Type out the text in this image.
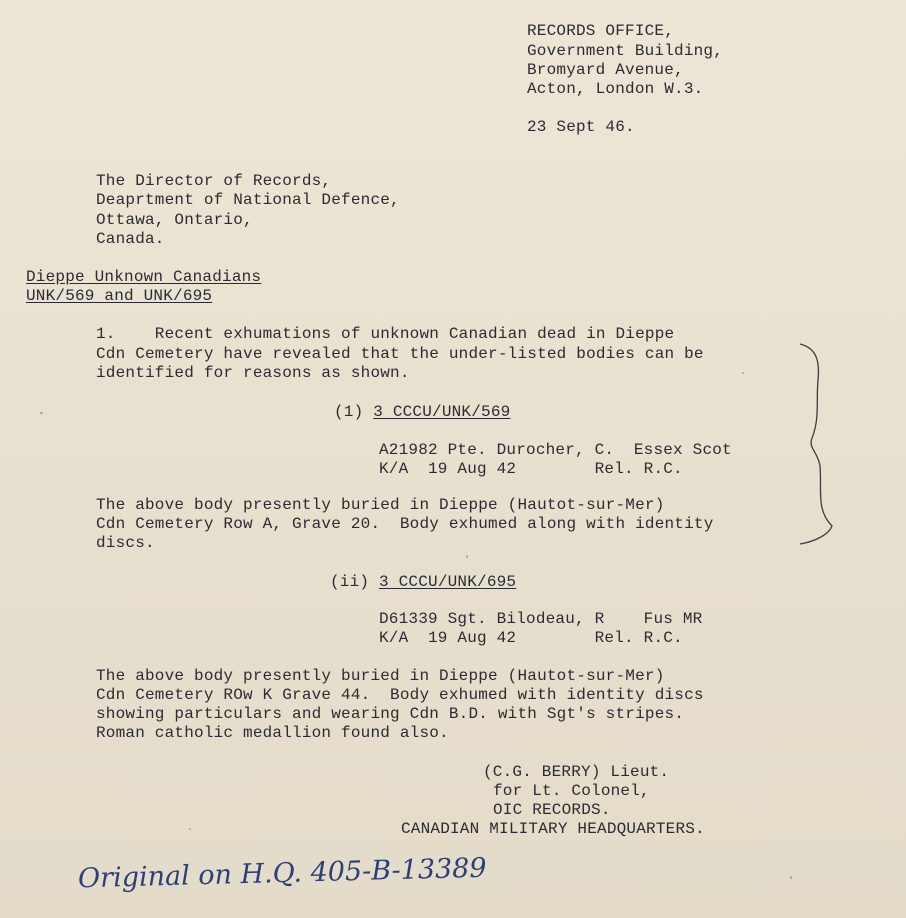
RECORDS OFFICE,
Government Building,
Bromyard Avenue,
Acton, London W.3.
23 Sept 46.
The Director of Records,
Deaprtment of National Defence,
Ottawa, Ontario,
Canada.
Dieppe Unknown Canadians
UNK/569 and UNK/695
1.    Recent exhumations of unknown Canadian dead in Dieppe
Cdn Cemetery have revealed that the under-listed bodies can be
identified for reasons as shown.
(1) 3 CCCU/UNK/569
A21982 Pte. Durocher, C.  Essex Scot
K/A  19 Aug 42        Rel. R.C.
The above body presently buried in Dieppe (Hautot-sur-Mer)
Cdn Cemetery Row A, Grave 20.  Body exhumed along with identity
discs.
(ii) 3 CCCU/UNK/695
D61339 Sgt. Bilodeau, R    Fus MR
K/A  19 Aug 42        Rel. R.C.
The above body presently buried in Dieppe (Hautot-sur-Mer)
Cdn Cemetery ROw K Grave 44.  Body exhumed with identity discs
showing particulars and wearing Cdn B.D. with Sgt's stripes.
Roman catholic medallion found also.
(C.G. BERRY) Lieut.
for Lt. Colonel,
OIC RECORDS.
CANADIAN MILITARY HEADQUARTERS.
Original on H.Q. 405-B-13389
